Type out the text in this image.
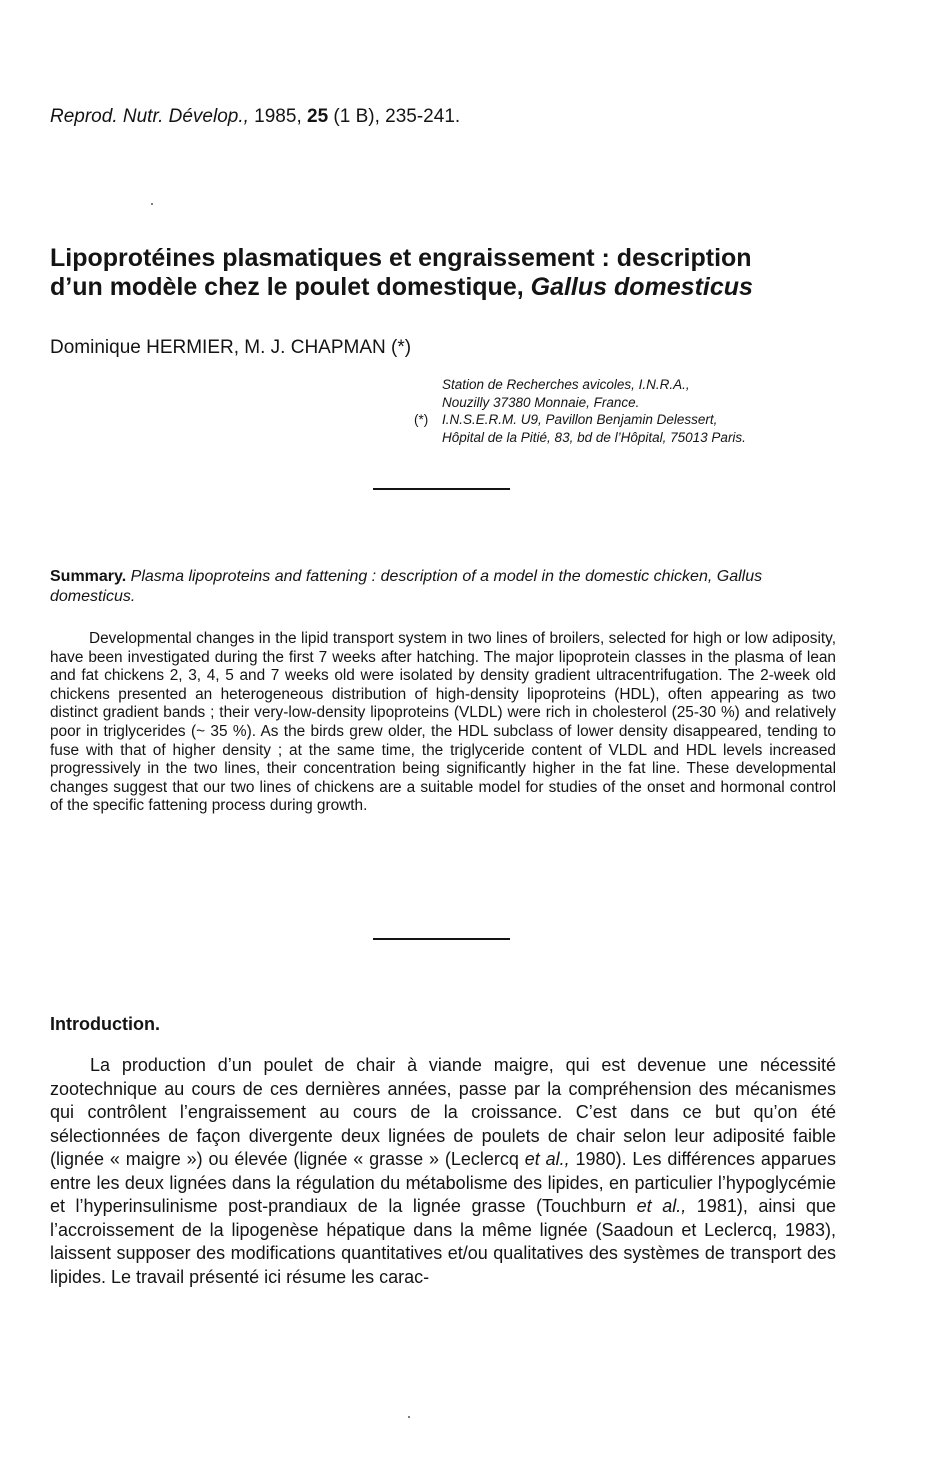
Reprod. Nutr. Dévelop., 1985, 25 (1 B), 235-241.
Lipoprotéines plasmatiques et engraissement : description
d’un modèle chez le poulet domestique, Gallus domesticus
Dominique HERMIER, M. J. CHAPMAN (*)
Station de Recherches avicoles, I.N.R.A.,
Nouzilly 37380 Monnaie, France.
(*) I.N.S.E.R.M. U9, Pavillon Benjamin Delessert,
Hôpital de la Pitié, 83, bd de l’Hôpital, 75013 Paris.
Summary. Plasma lipoproteins and fattening : description of a model in the domestic chicken, Gallus domesticus.

Developmental changes in the lipid transport system in two lines of broilers, selected for high or low adiposity, have been investigated during the first 7 weeks after hatching. The major lipoprotein classes in the plasma of lean and fat chickens 2, 3, 4, 5 and 7 weeks old were isolated by density gradient ultracentrifugation. The 2-week old chickens presented an heterogeneous distribution of high-density lipoproteins (HDL), often appearing as two distinct gradient bands ; their very-low-density lipoproteins (VLDL) were rich in cholesterol (25-30 %) and relatively poor in triglycerides (~ 35 %). As the birds grew older, the HDL subclass of lower density disappeared, tending to fuse with that of higher density ; at the same time, the triglyceride content of VLDL and HDL levels increased progressively in the two lines, their concentration being significantly higher in the fat line. These developmental changes suggest that our two lines of chickens are a suitable model for studies of the onset and hormonal control of the specific fattening process during growth.

Introduction.

La production d’un poulet de chair à viande maigre, qui est devenue une nécessité zootechnique au cours de ces dernières années, passe par la compréhension des mécanismes qui contrôlent l’engraissement au cours de la croissance. C’est dans ce but qu’on été sélectionnées de façon divergente deux lignées de poulets de chair selon leur adiposité faible (lignée « maigre ») ou élevée (lignée « grasse » (Leclercq et al., 1980). Les différences apparues entre les deux lignées dans la régulation du métabolisme des lipides, en particulier l’hypoglycémie et l’hyperinsulinisme post-prandiaux de la lignée grasse (Touchburn et al., 1981), ainsi que l’accroissement de la lipogenèse hépatique dans la même lignée (Saadoun et Leclercq, 1983), laissent supposer des modifications quantitatives et/ou qualitatives des systèmes de transport des lipides. Le travail présenté ici résume les carac-
